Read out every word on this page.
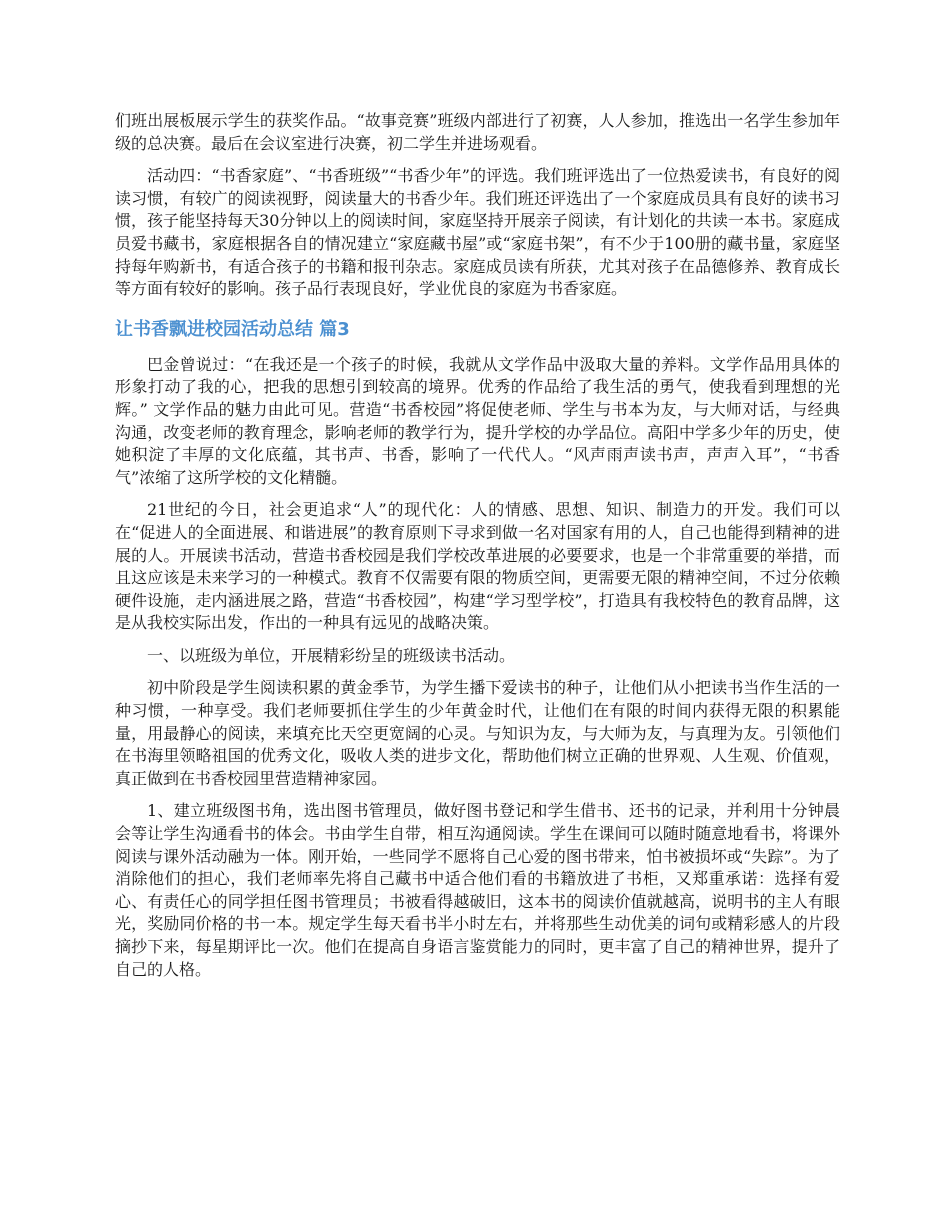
们班出展板展示学生的获奖作品。“故事竞赛”班级内部进行了初赛，人人参加，推选出一名学生参加年级的总决赛。最后在会议室进行决赛，初二学生并进场观看。

活动四：“书香家庭”、“书香班级”“书香少年”的评选。我们班评选出了一位热爱读书，有良好的阅读习惯，有较广的阅读视野，阅读量大的书香少年。我们班还评选出了一个家庭成员具有良好的读书习惯，孩子能坚持每天30分钟以上的阅读时间，家庭坚持开展亲子阅读，有计划化的共读一本书。家庭成员爱书藏书，家庭根据各自的情况建立“家庭藏书屋”或“家庭书架”，有不少于100册的藏书量，家庭坚持每年购新书，有适合孩子的书籍和报刊杂志。家庭成员读有所获，尤其对孩子在品德修养、教育成长等方面有较好的影响。孩子品行表现良好，学业优良的家庭为书香家庭。

让书香飘进校园活动总结 篇3

巴金曾说过：“在我还是一个孩子的时候，我就从文学作品中汲取大量的养料。文学作品用具体的形象打动了我的心，把我的思想引到较高的境界。优秀的作品给了我生活的勇气，使我看到理想的光辉。” 文学作品的魅力由此可见。营造“书香校园”将促使老师、学生与书本为友，与大师对话，与经典沟通，改变老师的教育理念，影响老师的教学行为，提升学校的办学品位。高阳中学多少年的历史，使她积淀了丰厚的文化底蕴，其书声、书香，影响了一代代人。“风声雨声读书声，声声入耳”，“书香气”浓缩了这所学校的文化精髓。

21世纪的今日，社会更追求“人”的现代化：人的情感、思想、知识、制造力的开发。我们可以在“促进人的全面进展、和谐进展”的教育原则下寻求到做一名对国家有用的人，自己也能得到精神的进展的人。开展读书活动，营造书香校园是我们学校改革进展的必要要求，也是一个非常重要的举措，而且这应该是未来学习的一种模式。教育不仅需要有限的物质空间，更需要无限的精神空间，不过分依赖硬件设施，走内涵进展之路，营造“书香校园”，构建“学习型学校”，打造具有我校特色的教育品牌，这是从我校实际出发，作出的一种具有远见的战略决策。

一、以班级为单位，开展精彩纷呈的班级读书活动。

初中阶段是学生阅读积累的黄金季节，为学生播下爱读书的种子，让他们从小把读书当作生活的一种习惯，一种享受。我们老师要抓住学生的少年黄金时代，让他们在有限的时间内获得无限的积累能量，用最静心的阅读，来填充比天空更宽阔的心灵。与知识为友，与大师为友，与真理为友。引领他们在书海里领略祖国的优秀文化，吸收人类的进步文化，帮助他们树立正确的世界观、人生观、价值观，真正做到在书香校园里营造精神家园。

1、建立班级图书角，选出图书管理员，做好图书登记和学生借书、还书的记录，并利用十分钟晨会等让学生沟通看书的体会。书由学生自带，相互沟通阅读。学生在课间可以随时随意地看书，将课外阅读与课外活动融为一体。刚开始，一些同学不愿将自己心爱的图书带来，怕书被损坏或“失踪”。为了消除他们的担心，我们老师率先将自己藏书中适合他们看的书籍放进了书柜，又郑重承诺：选择有爱心、有责任心的同学担任图书管理员；书被看得越破旧，这本书的阅读价值就越高，说明书的主人有眼光，奖励同价格的书一本。规定学生每天看书半小时左右，并将那些生动优美的词句或精彩感人的片段摘抄下来，每星期评比一次。他们在提高自身语言鉴赏能力的同时，更丰富了自己的精神世界，提升了自己的人格。
